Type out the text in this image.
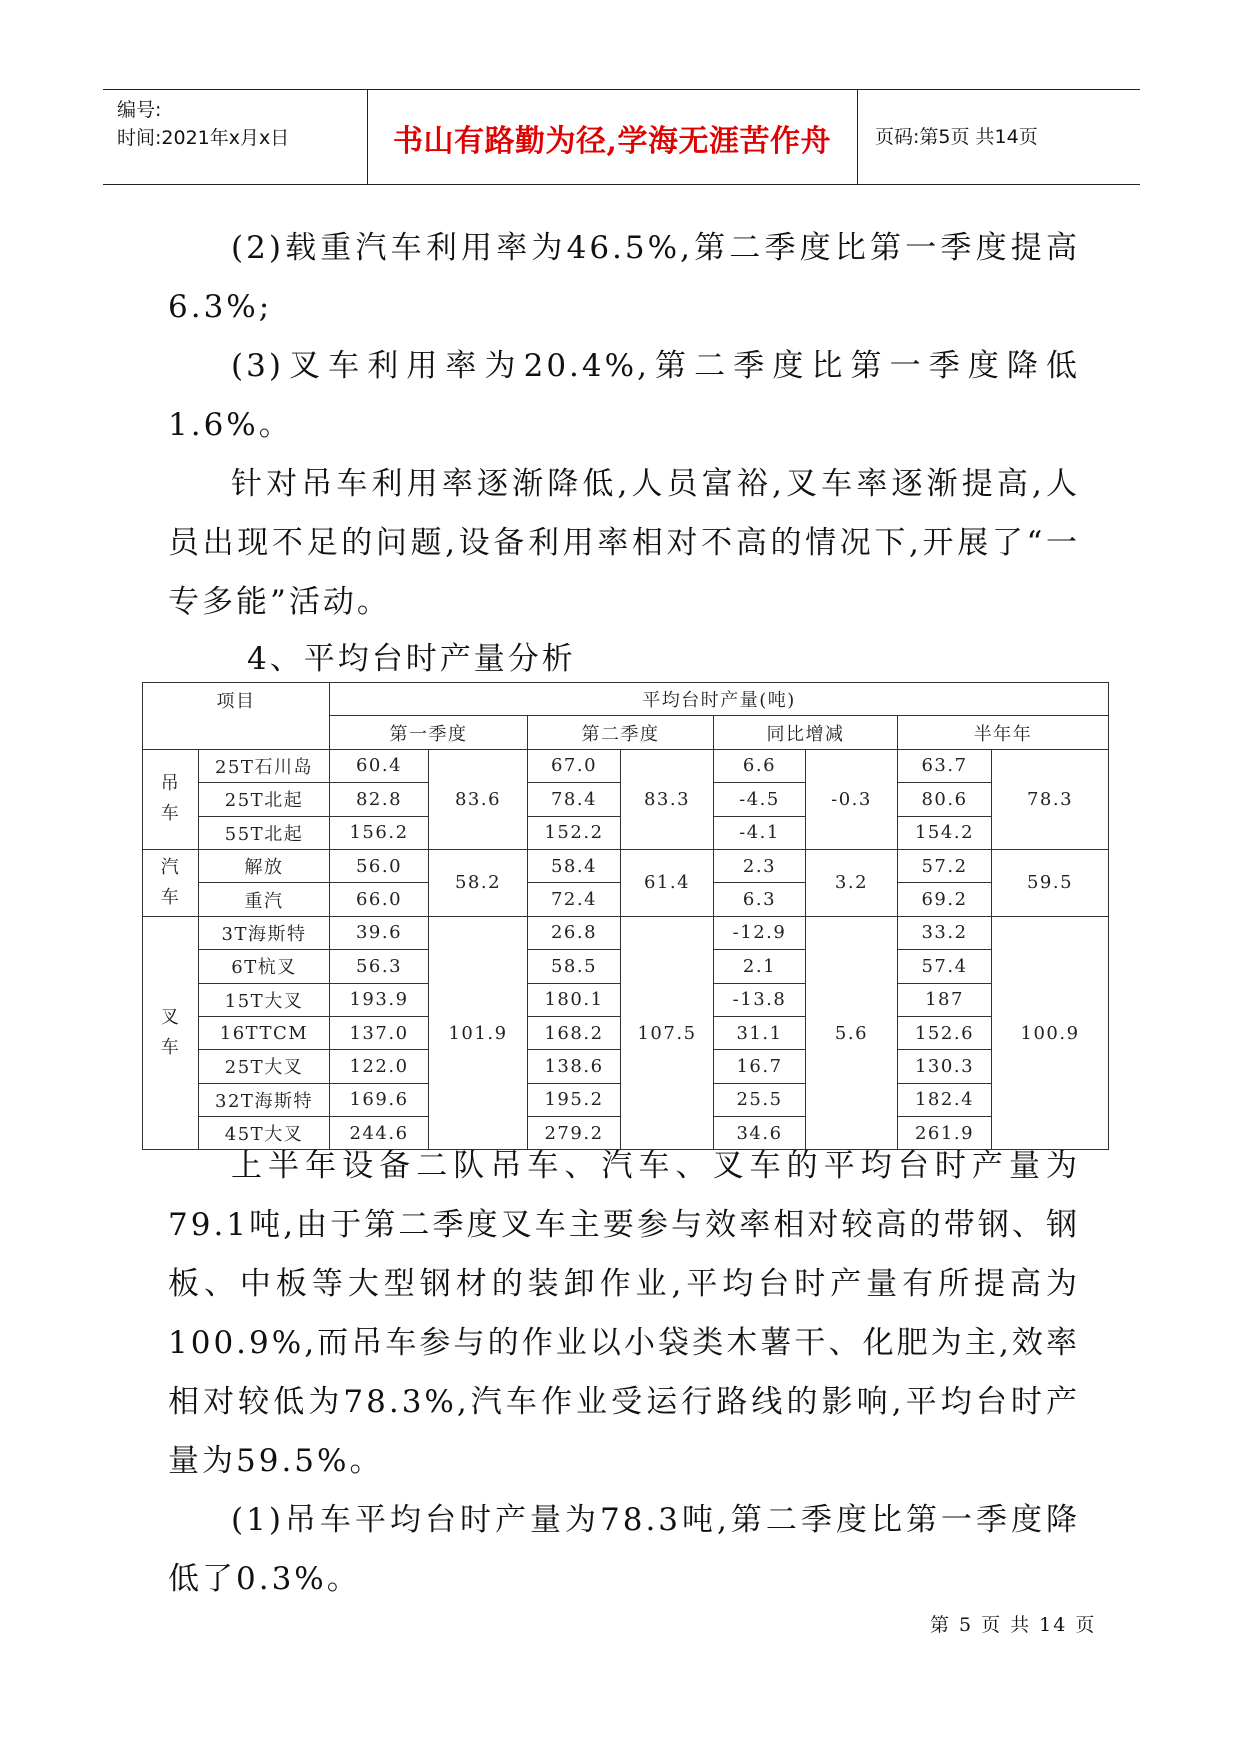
编号:
时间:2021年x月x日	书山有路勤为径,学海无涯苦作舟	页码:第5页 共14页

(2)载重汽车利用率为46.5%,第二季度比第一季度提高6.3%;

(3)叉车利用率为20.4%,第二季度比第一季度降低1.6%。

针对吊车利用率逐渐降低,人员富裕,叉车率逐渐提高,人员出现不足的问题,设备利用率相对不高的情况下,开展了“一专多能”活动。

4、平均台时产量分析
项目		平均台时产量(吨)							
		第一季度		第二季度		同比增减		半年年	
吊
车	25T石川岛	60.4	83.6	67.0	83.3	6.6	-0.3	63.7	78.3
	25T北起	82.8		78.4		-4.5		80.6	
	55T北起	156.2		152.2		-4.1		154.2	
汽
车	解放	56.0	58.2	58.4	61.4	2.3	3.2	57.2	59.5
	重汽	66.0		72.4		6.3		69.2	
叉
车	3T海斯特	39.6	101.9	26.8	107.5	-12.9	5.6	33.2	100.9
	6T杭叉	56.3		58.5		2.1		57.4	
	15T大叉	193.9		180.1		-13.8		187	
	16TTCM	137.0		168.2		31.1		152.6	
	25T大叉	122.0		138.6		16.7		130.3	
	32T海斯特	169.6		195.2		25.5		182.4	
	45T大叉	244.6		279.2		34.6		261.9	

上半年设备二队吊车、汽车、叉车的平均台时产量为79.1吨,由于第二季度叉车主要参与效率相对较高的带钢、钢板、中板等大型钢材的装卸作业,平均台时产量有所提高为100.9%,而吊车参与的作业以小袋类木薯干、化肥为主,效率相对较低为78.3%,汽车作业受运行路线的影响,平均台时产量为59.5%。

(1)吊车平均台时产量为78.3吨,第二季度比第一季度降低了0.3%。

第 5 页 共 14 页
